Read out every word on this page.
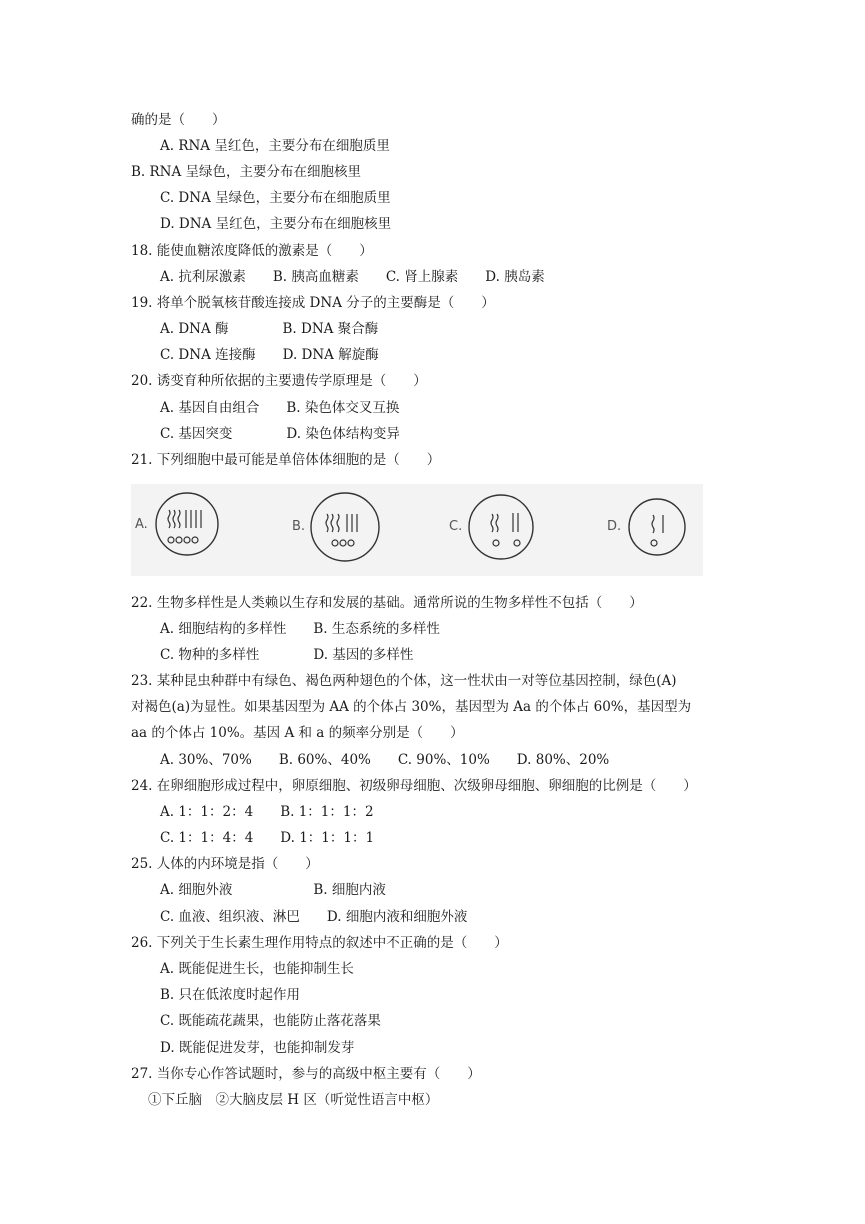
确的是（　　）
A. RNA 呈红色，主要分布在细胞质里
B. RNA 呈绿色，主要分布在细胞核里
C. DNA 呈绿色，主要分布在细胞质里
D. DNA 呈红色，主要分布在细胞核里
18. 能使血糖浓度降低的激素是（　　）
A. 抗利尿激素　　B. 胰高血糖素　　C. 肾上腺素　　D. 胰岛素
19. 将单个脱氧核苷酸连接成 DNA 分子的主要酶是（　　）
A. DNA 酶　　　　B. DNA 聚合酶
C. DNA 连接酶　　D. DNA 解旋酶
20. 诱变育种所依据的主要遗传学原理是（　　）
A. 基因自由组合　　B. 染色体交叉互换
C. 基因突变　　　　D. 染色体结构变异
21. 下列细胞中最可能是单倍体体细胞的是（　　）
A.	B.	C.	D.
22. 生物多样性是人类赖以生存和发展的基础。通常所说的生物多样性不包括（　　）
A. 细胞结构的多样性　　B. 生态系统的多样性
C. 物种的多样性　　　　D. 基因的多样性
23. 某种昆虫种群中有绿色、褐色两种翅色的个体，这一性状由一对等位基因控制，绿色(A)
对褐色(a)为显性。如果基因型为 AA 的个体占 30%，基因型为 Aa 的个体占 60%，基因型为
aa 的个体占 10%。基因 A 和 a 的频率分别是（　　）
A. 30%、70%　　B. 60%、40%　　C. 90%、10%　　D. 80%、20%
24. 在卵细胞形成过程中，卵原细胞、初级卵母细胞、次级卵母细胞、卵细胞的比例是（　　）
A. 1：1：2：4　　B. 1：1：1：2
C. 1：1：4：4　　D. 1：1：1：1
25. 人体的内环境是指（　　）
A. 细胞外液　　　　　　B. 细胞内液
C. 血液、组织液、淋巴　　D. 细胞内液和细胞外液
26. 下列关于生长素生理作用特点的叙述中不正确的是（　　）
A. 既能促进生长，也能抑制生长
B. 只在低浓度时起作用
C. 既能疏花蔬果，也能防止落花落果
D. 既能促进发芽，也能抑制发芽
27. 当你专心作答试题时，参与的高级中枢主要有（　　）
①下丘脑　②大脑皮层 H 区（听觉性语言中枢）
